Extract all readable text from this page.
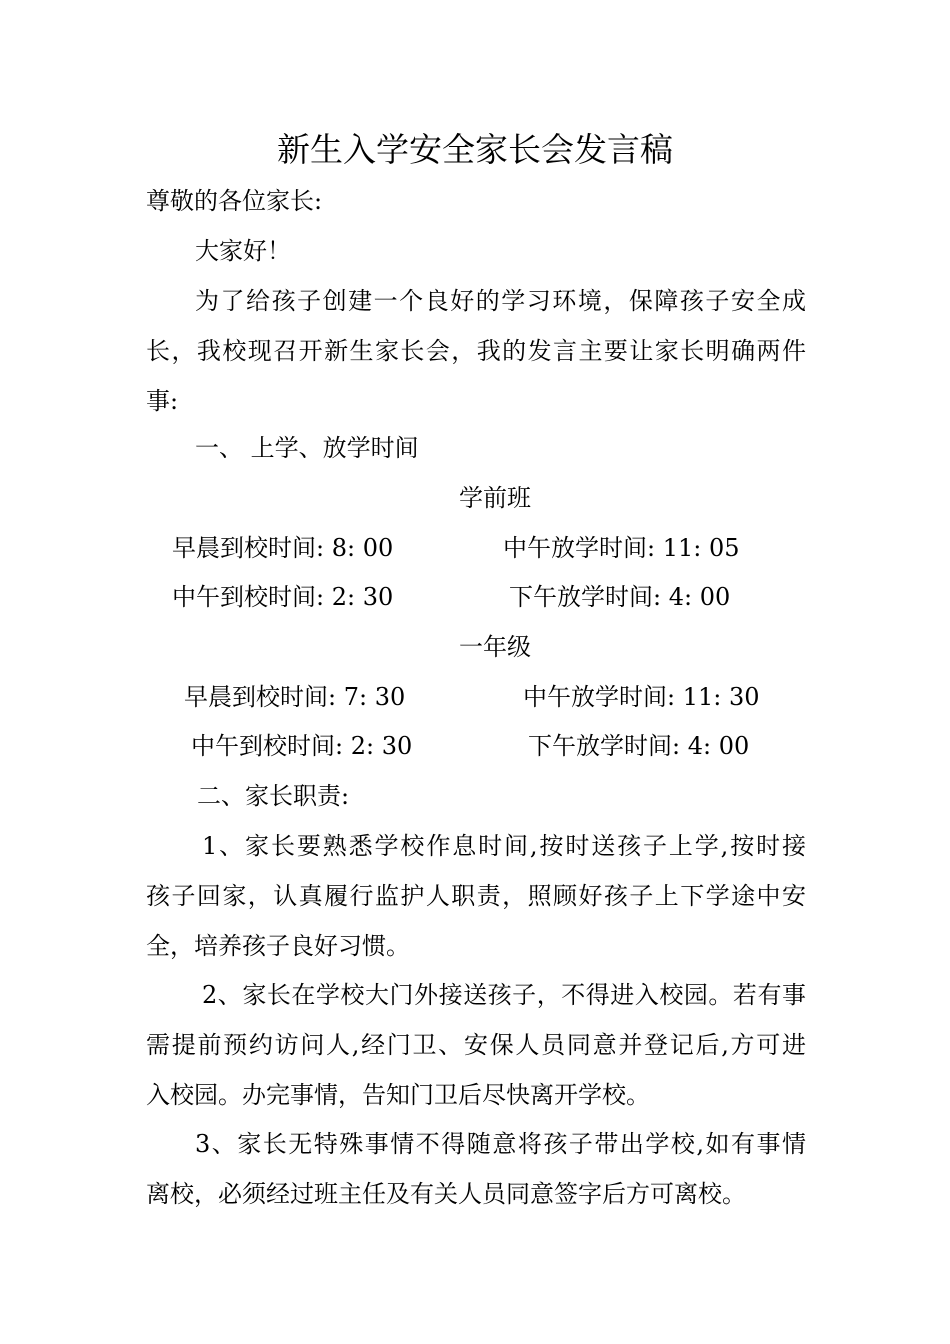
新生入学安全家长会发言稿
尊敬的各位家长:
大家好！
为了给孩子创建一个良好的学习环境，保障孩子安全成
长，我校现召开新生家长会，我的发言主要让家长明确两件
事:
一、 上学、放学时间
学前班
早晨到校时间: 8: 00	中午放学时间: 11: 05
中午到校时间: 2: 30	下午放学时间: 4: 00
一年级
早晨到校时间: 7: 30	中午放学时间: 11: 30
中午到校时间: 2: 30	下午放学时间: 4: 00
二、家长职责:
1、家长要熟悉学校作息时间,按时送孩子上学,按时接
孩子回家，认真履行监护人职责，照顾好孩子上下学途中安
全，培养孩子良好习惯。
2、家长在学校大门外接送孩子，不得进入校园。若有事
需提前预约访问人,经门卫、安保人员同意并登记后,方可进
入校园。办完事情，告知门卫后尽快离开学校。
3、家长无特殊事情不得随意将孩子带出学校,如有事情
离校，必须经过班主任及有关人员同意签字后方可离校。
